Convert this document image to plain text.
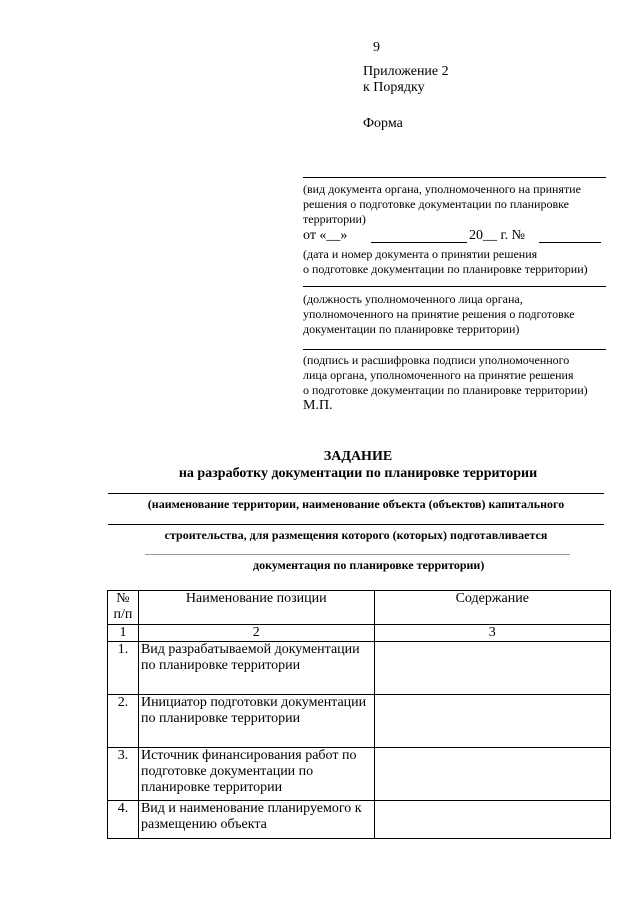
9
Приложение 2
к Порядку
Форма
(вид документа органа, уполномоченного на принятие
решения о подготовке документации по планировке
территории)
от «__»	20__ г. №
(дата и номер документа о принятии решения
о подготовке документации по планировке территории)
(должность уполномоченного лица органа,
уполномоченного на принятие решения о подготовке
документации по планировке территории)
(подпись и расшифровка подписи уполномоченного
лица органа, уполномоченного на принятие решения
о подготовке документации по планировке территории)
М.П.
ЗАДАНИЕ
на разработку документации по планировке территории
(наименование территории, наименование объекта (объектов) капитального
строительства, для размещения которого (которых) подготавливается
документация по планировке территории)
№ п/п	Наименование позиции	Содержание
1	2	3
1.	Вид разрабатываемой документации по планировке территории	
2.	Инициатор подготовки документации по планировке территории	
3.	Источник финансирования работ по подготовке документации по планировке территории	
4.	Вид и наименование планируемого к размещению объекта	
